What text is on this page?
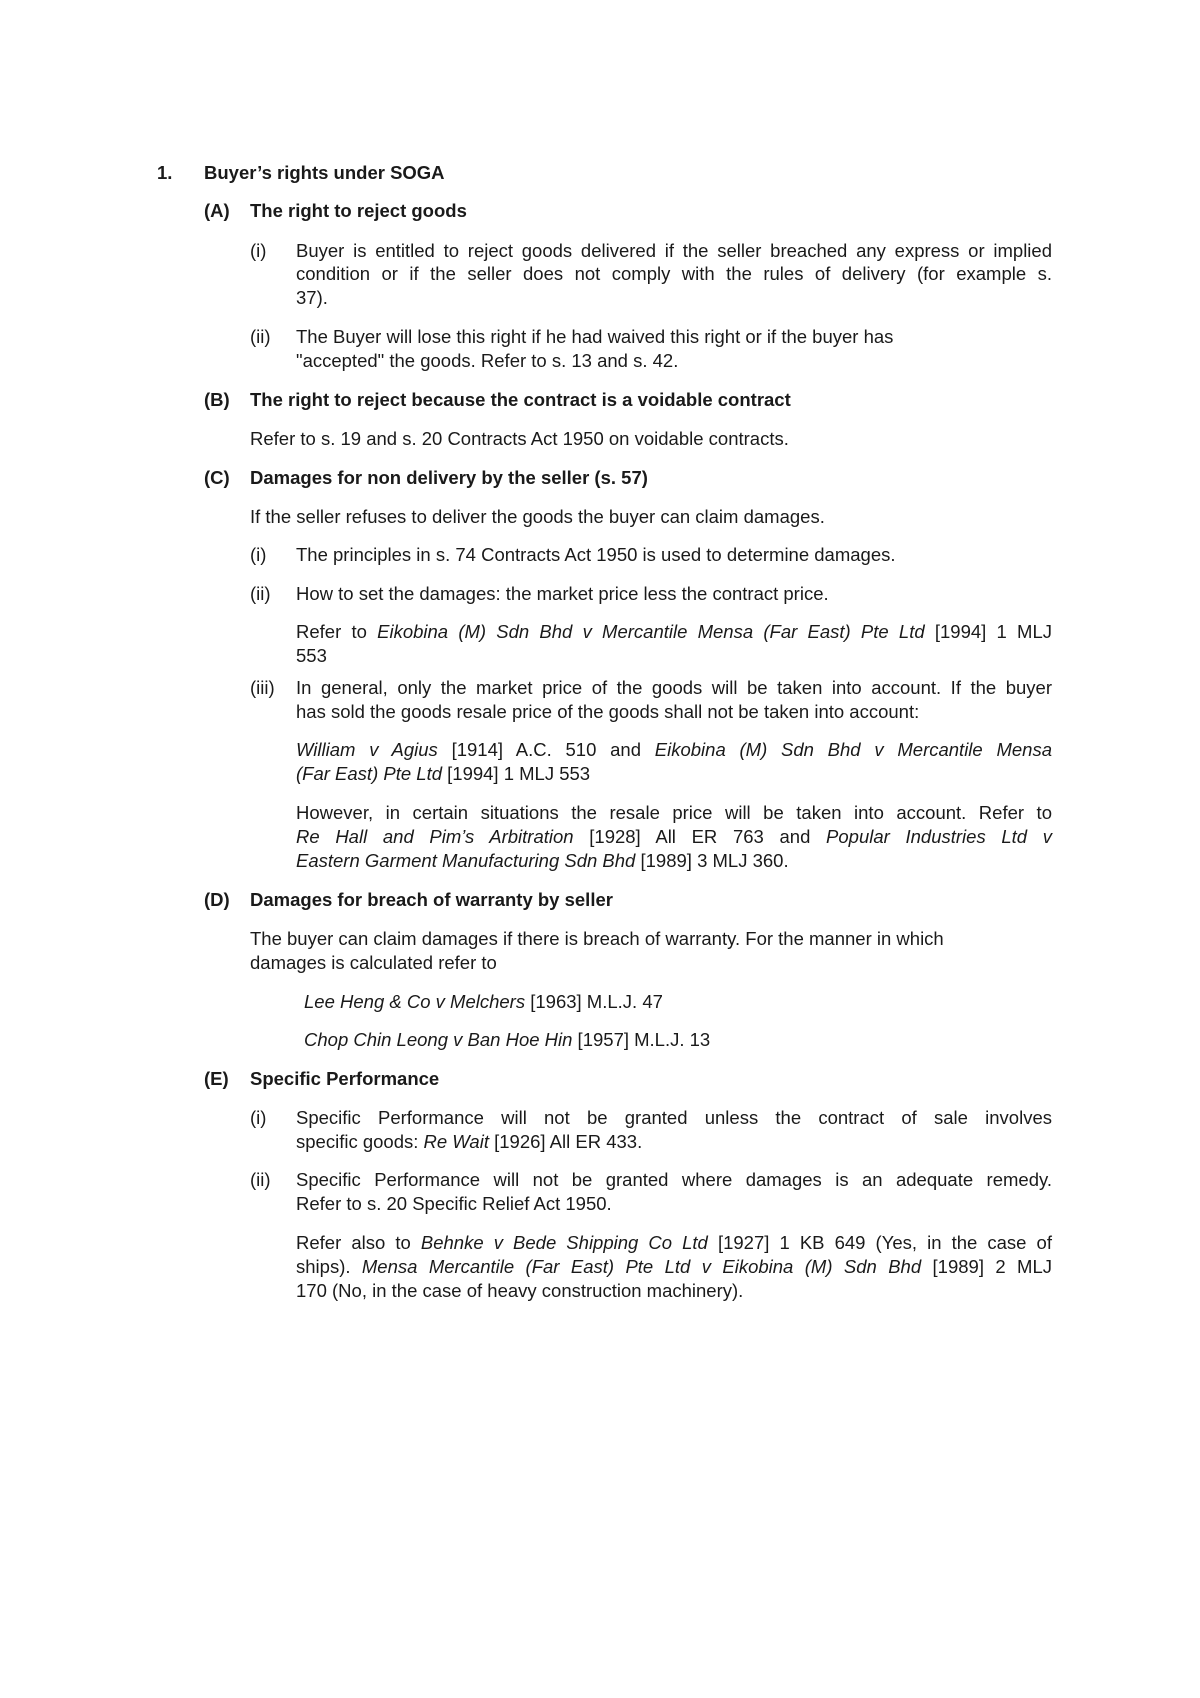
1. Buyer’s rights under SOGA
(A) The right to reject goods
(i) Buyer is entitled to reject goods delivered if the seller breached any express or implied
condition or if the seller does not comply with the rules of delivery (for example s.
37).
(ii) The Buyer will lose this right if he had waived this right or if the buyer has
"accepted" the goods. Refer to s. 13 and s. 42.
(B) The right to reject because the contract is a voidable contract
Refer to s. 19 and s. 20 Contracts Act 1950 on voidable contracts.
(C) Damages for non delivery by the seller (s. 57)
If the seller refuses to deliver the goods the buyer can claim damages.
(i) The principles in s. 74 Contracts Act 1950 is used to determine damages.
(ii) How to set the damages: the market price less the contract price.
Refer to Eikobina (M) Sdn Bhd v Mercantile Mensa (Far East) Pte Ltd [1994] 1 MLJ
553
(iii) In general, only the market price of the goods will be taken into account. If the buyer
has sold the goods resale price of the goods shall not be taken into account:
William v Agius [1914] A.C. 510 and Eikobina (M) Sdn Bhd v Mercantile Mensa
(Far East) Pte Ltd [1994] 1 MLJ 553
However, in certain situations the resale price will be taken into account. Refer to
Re Hall and Pim’s Arbitration [1928] All ER 763 and Popular Industries Ltd v
Eastern Garment Manufacturing Sdn Bhd [1989] 3 MLJ 360.
(D) Damages for breach of warranty by seller
The buyer can claim damages if there is breach of warranty. For the manner in which
damages is calculated refer to
Lee Heng & Co v Melchers [1963] M.L.J. 47
Chop Chin Leong v Ban Hoe Hin [1957] M.L.J. 13
(E) Specific Performance
(i) Specific Performance will not be granted unless the contract of sale involves
specific goods: Re Wait [1926] All ER 433.
(ii) Specific Performance will not be granted where damages is an adequate remedy.
Refer to s. 20 Specific Relief Act 1950.
Refer also to Behnke v Bede Shipping Co Ltd [1927] 1 KB 649 (Yes, in the case of
ships). Mensa Mercantile (Far East) Pte Ltd v Eikobina (M) Sdn Bhd [1989] 2 MLJ
170 (No, in the case of heavy construction machinery).
